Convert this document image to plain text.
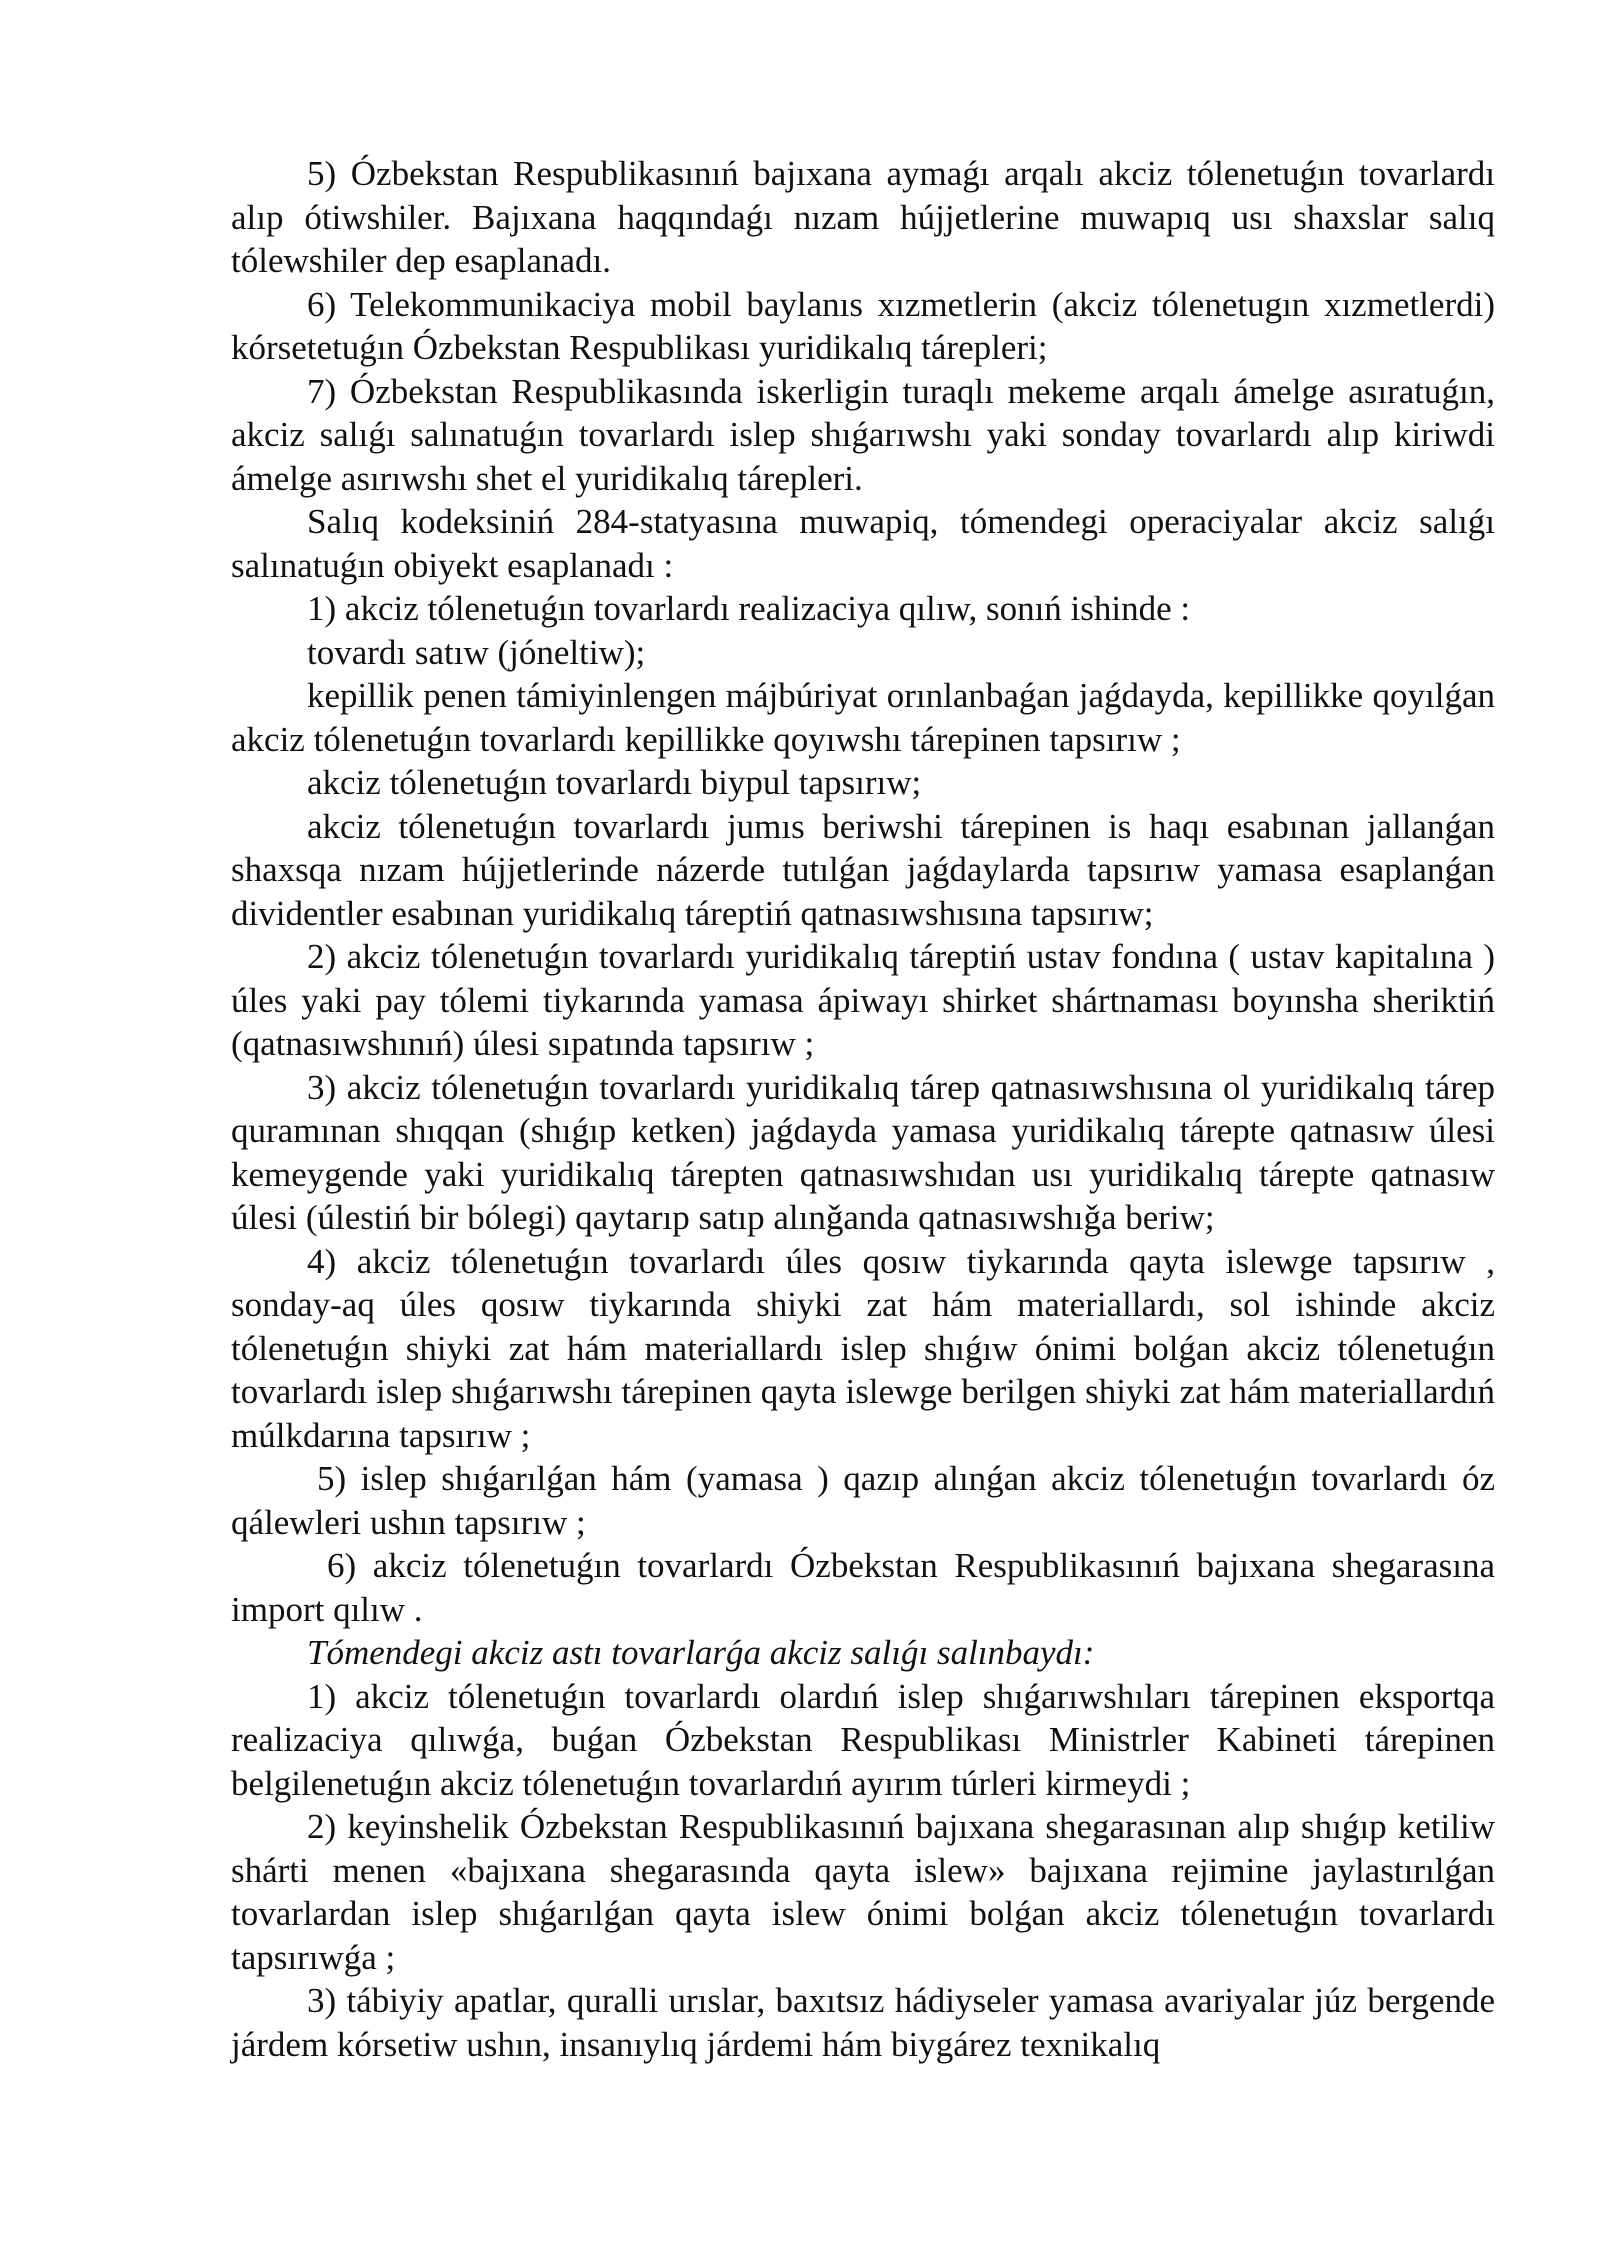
5) Ózbekstan Respublikasınıń bajıxana aymaǵı arqalı akciz tólenetuǵın tovarlardı alıp ótiwshiler. Bajıxana haqqındaǵı nızam hújjetlerine muwapıq usı shaxslar salıq tólewshiler dep esaplanadı.

6) Telekommunikaciya mobil baylanıs xızmetlerin (akciz tólenetugın xızmetlerdi) kórsetetuǵın Ózbekstan Respublikası yuridikalıq tárepleri;

7) Ózbekstan Respublikasında iskerligin turaqlı mekeme arqalı ámelge asıratuǵın, akciz salıǵı salınatuǵın tovarlardı islep shıǵarıwshı yaki sonday tovarlardı alıp kiriwdi ámelge asırıwshı shet el yuridikalıq tárepleri.

Salıq kodeksiniń 284-statyasına muwapiq, tómendegi operaciyalar akciz salıǵı salınatuǵın obiyekt esaplanadı :

1) akciz tólenetuǵın tovarlardı realizaciya qılıw, sonıń ishinde :

tovardı satıw (jóneltiw);

kepillik penen támiyinlengen májbúriyat orınlanbaǵan jaǵdayda, kepillikke qoyılǵan akciz tólenetuǵın tovarlardı kepillikke qoyıwshı tárepinen tapsırıw ;

akciz tólenetuǵın tovarlardı biypul tapsırıw;

akciz tólenetuǵın tovarlardı jumıs beriwshi tárepinen is haqı esabınan jallanǵan shaxsqa nızam hújjetlerinde názerde tutılǵan jaǵdaylarda tapsırıw yamasa esaplanǵan dividentler esabınan yuridikalıq táreptiń qatnasıwshısına tapsırıw;

2) akciz tólenetuǵın tovarlardı yuridikalıq táreptiń ustav fondına ( ustav kapitalına ) úles yaki pay tólemi tiykarında yamasa ápiwayı shirket shártnaması boyınsha sheriktiń (qatnasıwshınıń) úlesi sıpatında tapsırıw ;

3) akciz tólenetuǵın tovarlardı yuridikalıq tárep qatnasıwshısına ol yuridikalıq tárep quramınan shıqqan (shıǵıp ketken) jaǵdayda yamasa yuridikalıq tárepte qatnasıw úlesi kemeygende yaki yuridikalıq tárepten qatnasıwshıdan usı yuridikalıq tárepte qatnasıw úlesi (úlestiń bir bólegi) qaytarıp satıp alınǧanda qatnasıwshıǧa beriw;

4) akciz tólenetuǵın tovarlardı úles qosıw tiykarında qayta islewge tapsırıw , sonday-aq úles qosıw tiykarında shiyki zat hám materiallardı, sol ishinde akciz tólenetuǵın shiyki zat hám materiallardı islep shıǵıw ónimi bolǵan akciz tólenetuǵın tovarlardı islep shıǵarıwshı tárepinen qayta islewge berilgen shiyki zat hám materiallardıń múlkdarına tapsırıw ;

5) islep shıǵarılǵan hám (yamasa ) qazıp alınǵan akciz tólenetuǵın tovarlardı óz qálewleri ushın tapsırıw ;

6) akciz tólenetuǵın tovarlardı Ózbekstan Respublikasınıń bajıxana shegarasına import qılıw .

Tómendegi akciz astı tovarlarǵa akciz salıǵı salınbaydı:

1) akciz tólenetuǵın tovarlardı olardıń islep shıǵarıwshıları tárepinen eksportqa realizaciya qılıwǵa, buǵan Ózbekstan Respublikası Ministrler Kabineti tárepinen belgilenetuǵın akciz tólenetuǵın tovarlardıń ayırım túrleri kirmeydi ;

2) keyinshelik Ózbekstan Respublikasınıń bajıxana shegarasınan alıp shıǵıp ketiliw shárti menen «bajıxana shegarasında qayta islew» bajıxana rejimine jaylastırılǵan tovarlardan islep shıǵarılǵan qayta islew ónimi bolǵan akciz tólenetuǵın tovarlardı tapsırıwǵa ;

3) tábiyiy apatlar, quralli urıslar, baxıtsız hádiyseler yamasa avariyalar júz bergende járdem kórsetiw ushın, insanıylıq járdemi hám biygárez texnikalıq
